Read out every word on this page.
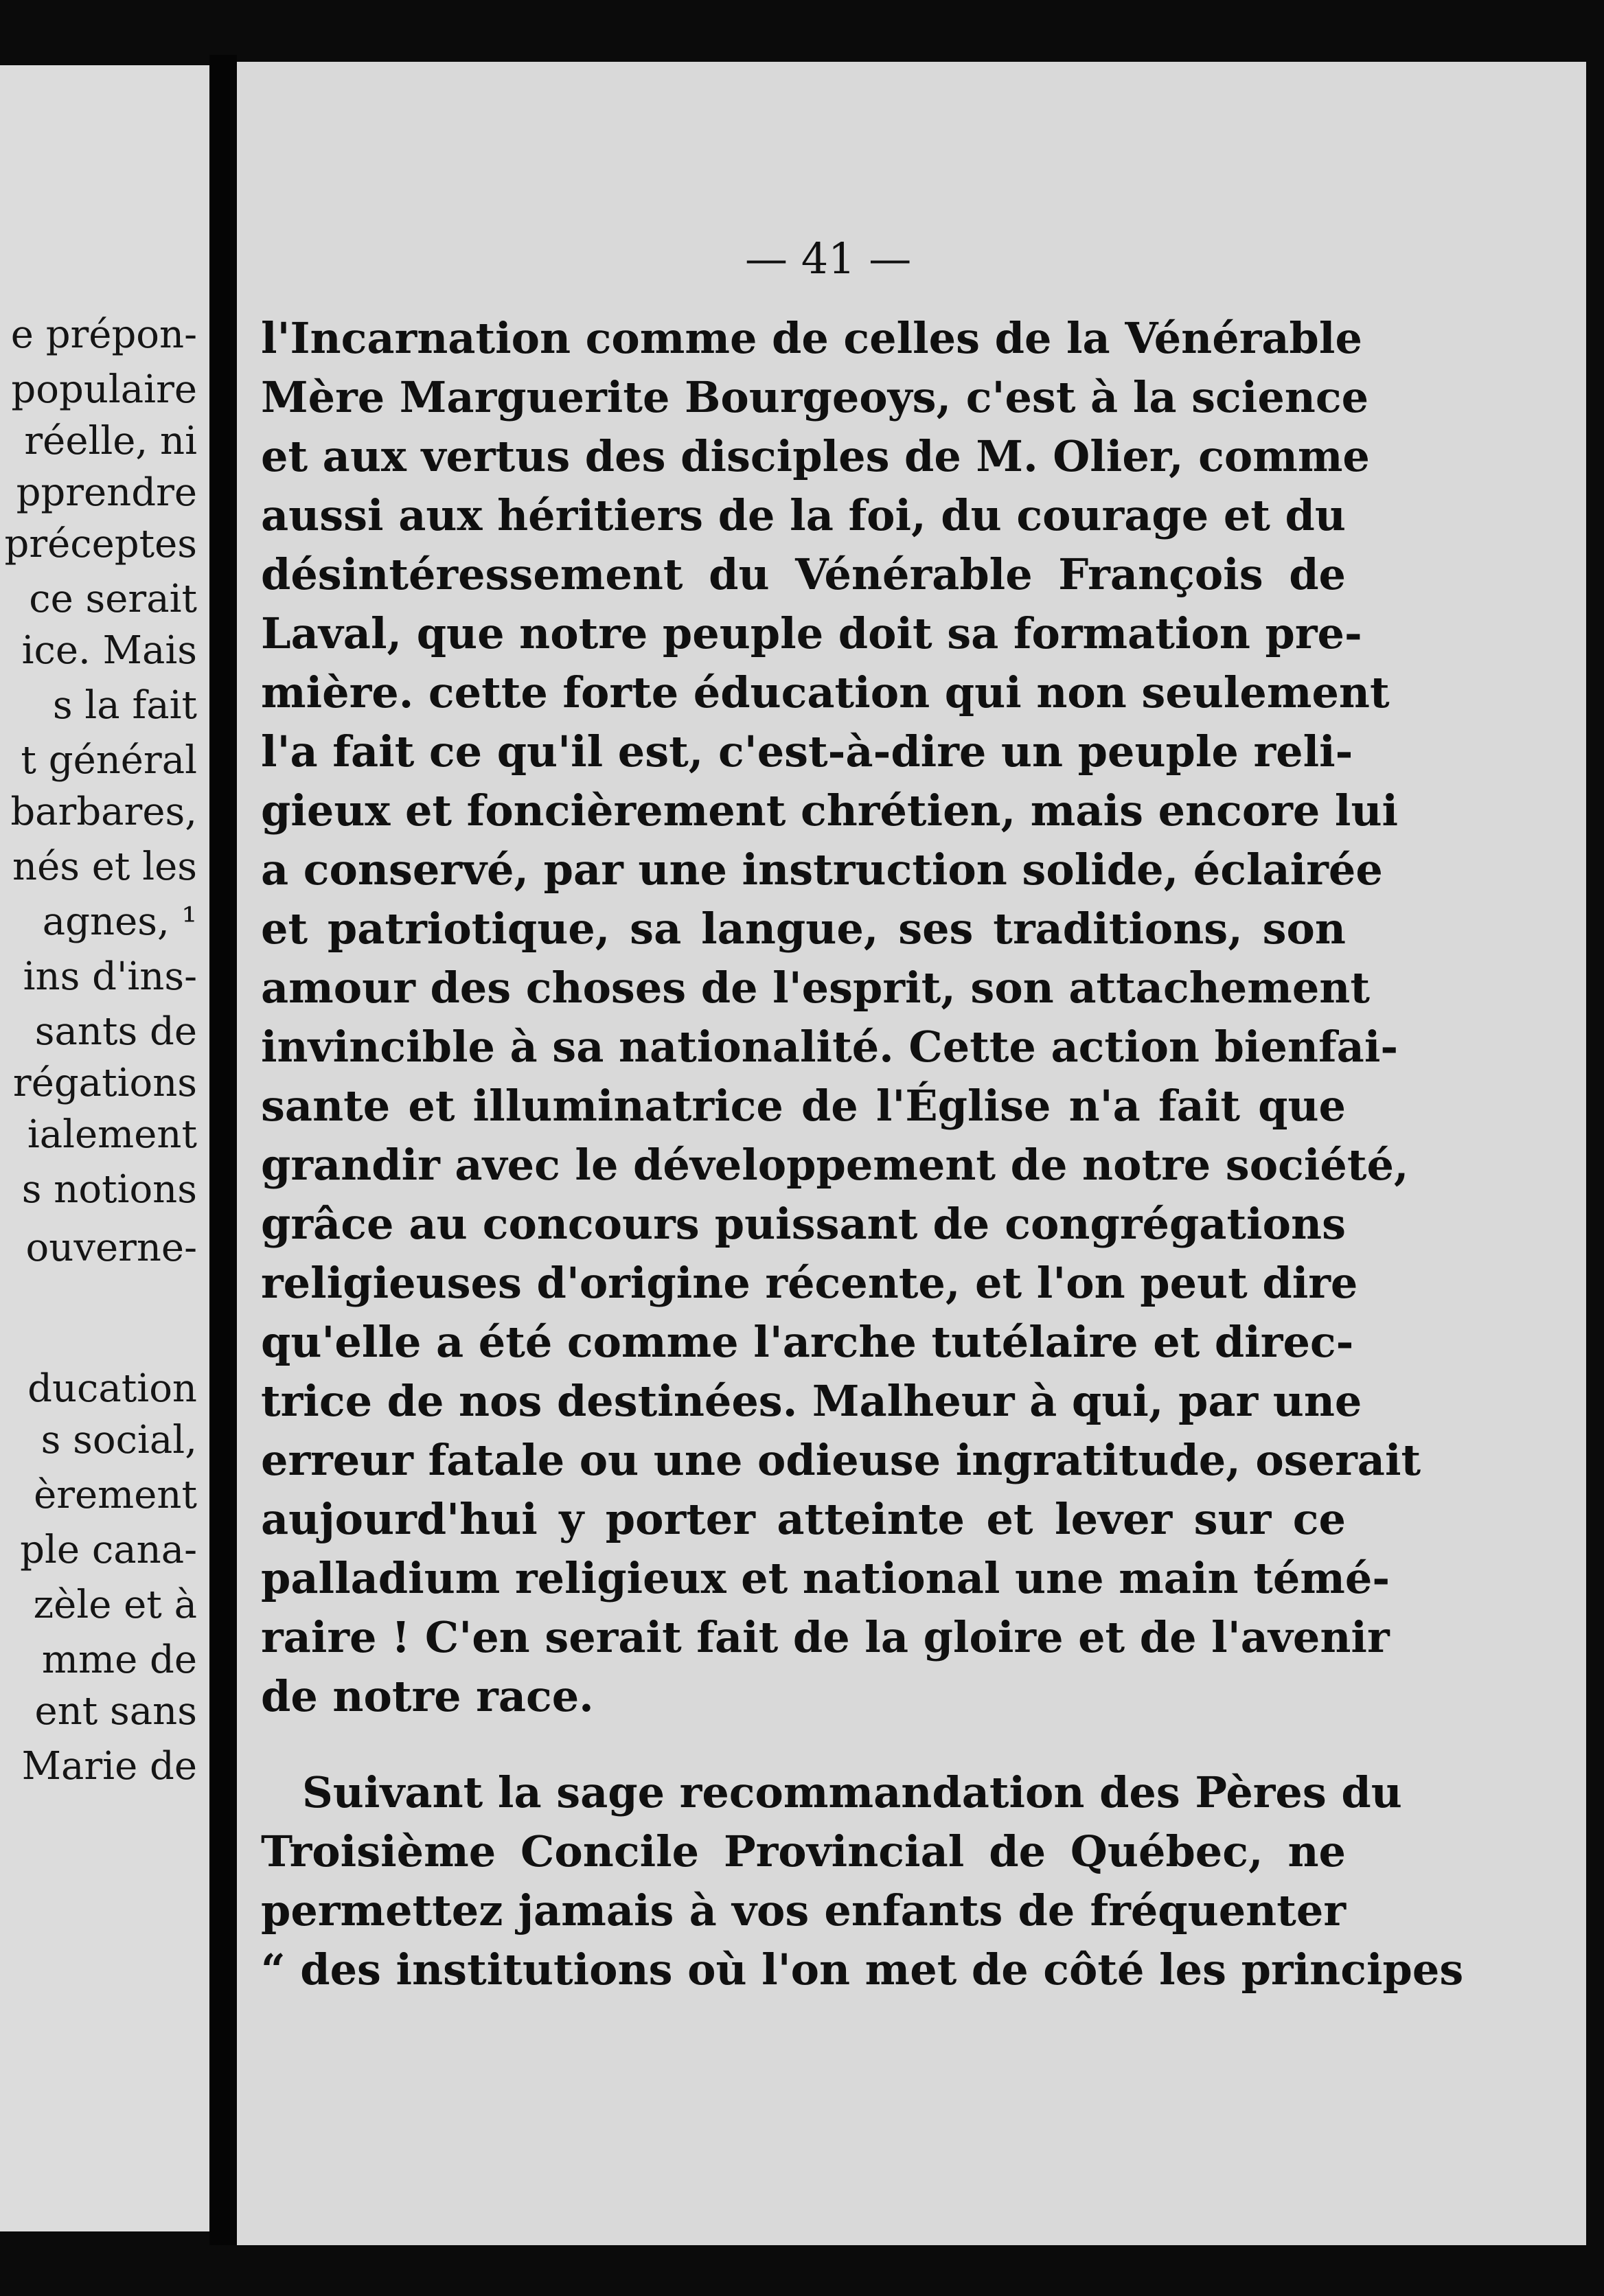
e prépon-
populaire
réelle, ni
pprendre
préceptes
ce serait
ice. Mais
s la fait
t général
barbares,
nés et les
agnes, ¹
ins d'ins-
sants de
régations
ialement
s notions
ouverne-
ducation
s social,
èrement
ple cana-
zèle et à
mme de
ent sans
Marie de
— 41 —
l'Incarnation comme de celles de la Vénérable
Mère Marguerite Bourgeoys, c'est à la science
et aux vertus des disciples de M. Olier, comme
aussi aux héritiers de la foi, du courage et du
désintéressement du Vénérable François de
Laval, que notre peuple doit sa formation pre-
mière. cette forte éducation qui non seulement
l'a fait ce qu'il est, c'est-à-dire un peuple reli-
gieux et foncièrement chrétien, mais encore lui
a conservé, par une instruction solide, éclairée
et patriotique, sa langue, ses traditions, son
amour des choses de l'esprit, son attachement
invincible à sa nationalité. Cette action bienfai-
sante et illuminatrice de l'Église n'a fait que
grandir avec le développement de notre société,
grâce au concours puissant de congrégations
religieuses d'origine récente, et l'on peut dire
qu'elle a été comme l'arche tutélaire et direc-
trice de nos destinées. Malheur à qui, par une
erreur fatale ou une odieuse ingratitude, oserait
aujourd'hui y porter atteinte et lever sur ce
palladium religieux et national une main témé-
raire ! C'en serait fait de la gloire et de l'avenir
de notre race.
Suivant la sage recommandation des Pères du
Troisième Concile Provincial de Québec, ne
permettez jamais à vos enfants de fréquenter
“ des institutions où l'on met de côté les principes
